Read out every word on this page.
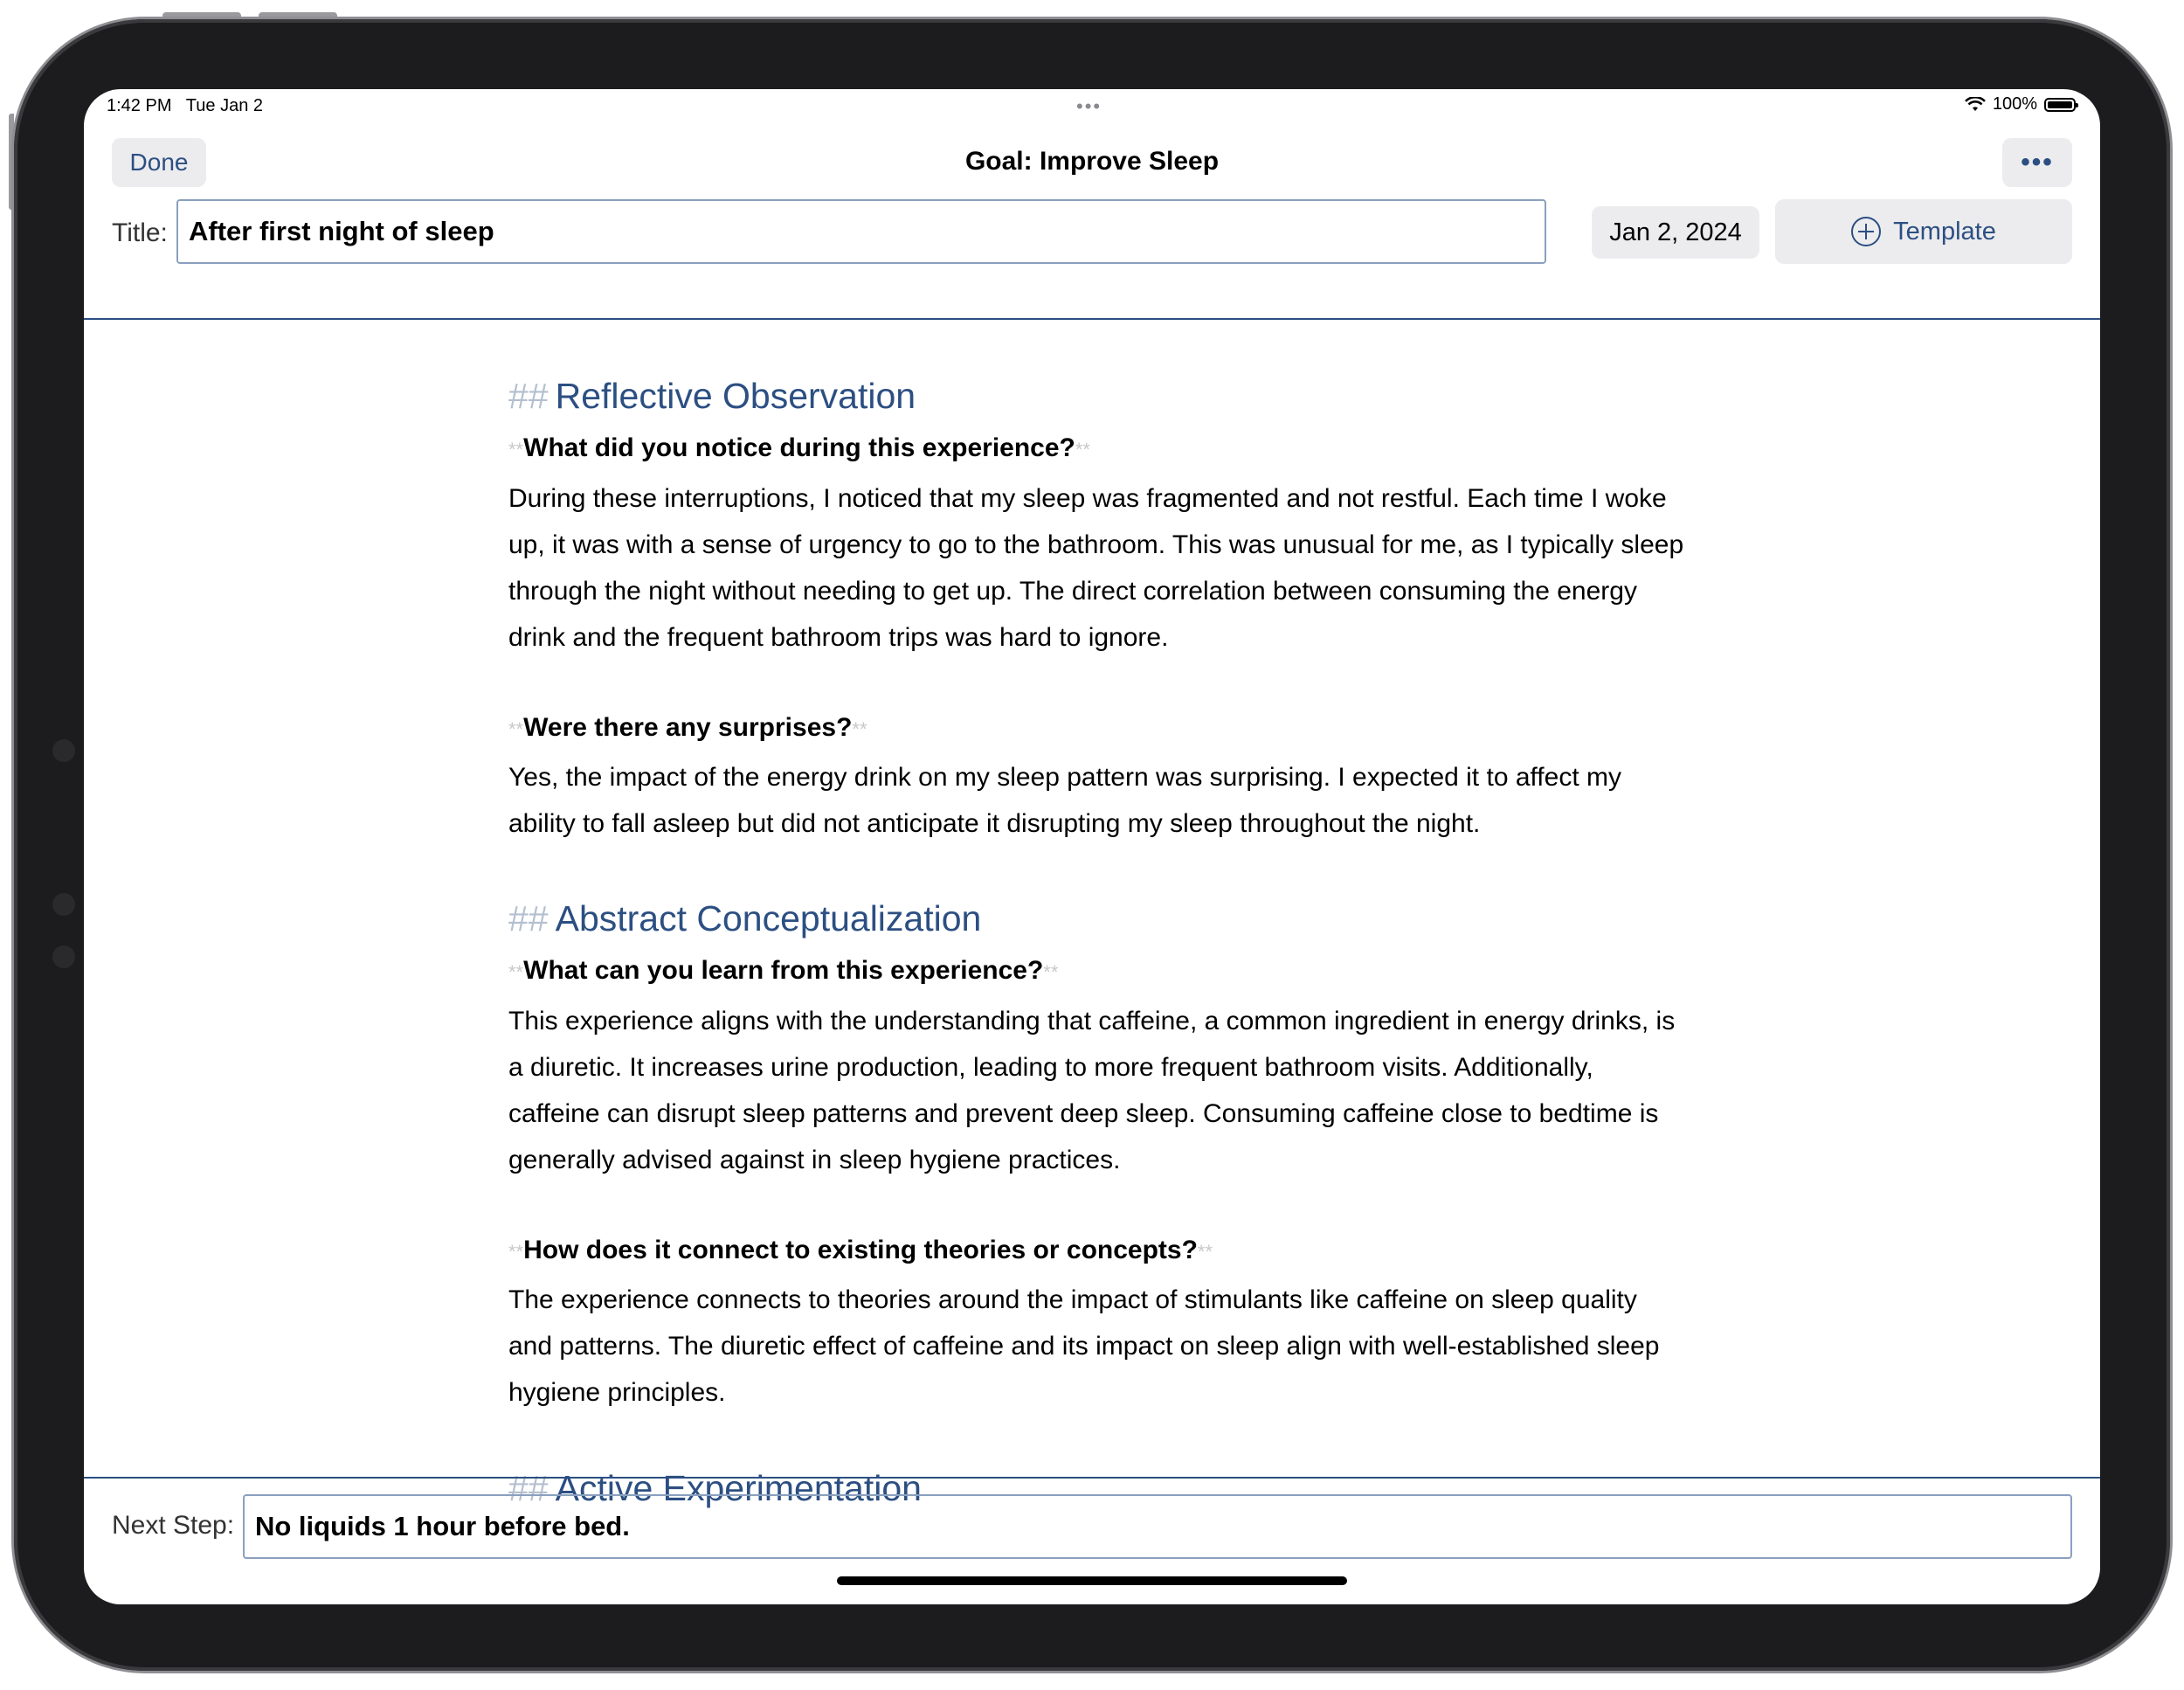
1:42 PM Tue Jan 2	•••	100%
Done	Goal: Improve Sleep	•••
Title: After first night of sleep	Jan 2, 2024	Template
## Reflective Observation
**What did you notice during this experience?**
During these interruptions, I noticed that my sleep was fragmented and not restful. Each time I woke up, it was with a sense of urgency to go to the bathroom. This was unusual for me, as I typically sleep through the night without needing to get up. The direct correlation between consuming the energy drink and the frequent bathroom trips was hard to ignore.
**Were there any surprises?**
Yes, the impact of the energy drink on my sleep pattern was surprising. I expected it to affect my ability to fall asleep but did not anticipate it disrupting my sleep throughout the night.
## Abstract Conceptualization
**What can you learn from this experience?**
This experience aligns with the understanding that caffeine, a common ingredient in energy drinks, is a diuretic. It increases urine production, leading to more frequent bathroom visits. Additionally, caffeine can disrupt sleep patterns and prevent deep sleep. Consuming caffeine close to bedtime is generally advised against in sleep hygiene practices.
**How does it connect to existing theories or concepts?**
The experience connects to theories around the impact of stimulants like caffeine on sleep quality and patterns. The diuretic effect of caffeine and its impact on sleep align with well-established sleep hygiene principles.
## Active Experimentation
Next Step: No liquids 1 hour before bed.
